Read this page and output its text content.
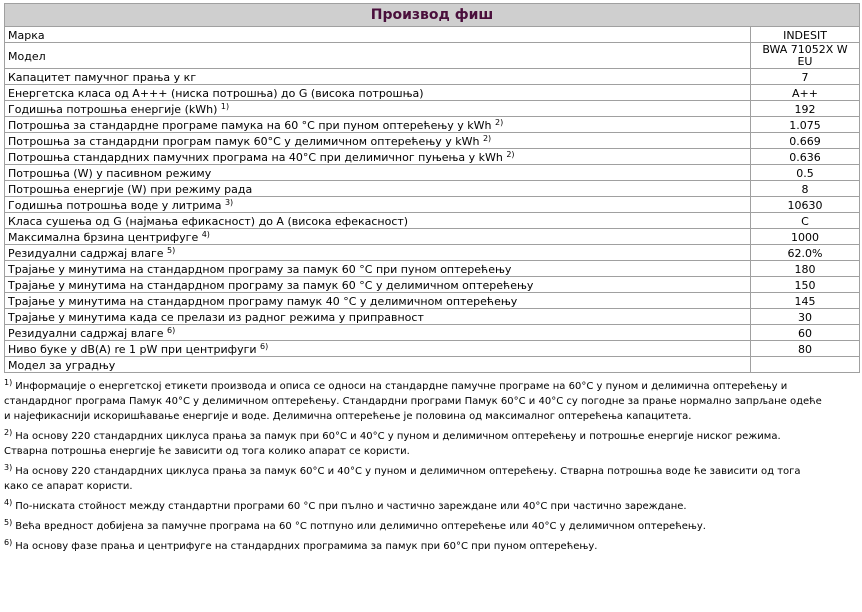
Производ фиш	
Марка	INDESIT
Модел	BWA 71052X W EU
Капацитет памучног прања у кг	7
Енергетска класа од A+++ (ниска потрошња) до G (висока потрошња)	A++
Годишња потрошња енергије (kWh) $^{1)}$	192
Потрошња за стандардне програме памука на 60 °C при пуном оптерећењу у kWh $^{2)}$	1.075
Потрошња за стандардни програм памук 60°C у делимичном оптерећењу у kWh $^{2)}$	0.669
Потрошња стандардних памучних програма на 40°C при делимичног пуњења у kWh $^{2)}$	0.636
Потрошња (W) у пасивном режиму	0.5
Потрошња енергије (W) при режиму рада	8
Годишња потрошња воде у литрима $^{3)}$	10630
Класа сушења од G (најмања ефикасност) до A (висока ефекасност)	C
Максимална брзина центрифуге $^{4)}$	1000
Резидуални садржај влаге $^{5)}$	62.0%
Трајање у минутима на стандардном програму за памук 60 °C при пуном оптерећењу	180
Трајање у минутима на стандардном програму за памук 60 °C у делимичном оптерећењу	150
Трајање у минутима на стандардном програму памук 40 °C у делимичном оптерећењу	145
Трајање у минутима када се прелази из радног режима у приправност	30
Резидуални садржај влаге $^{6)}$	60
Ниво буке у dB(A) re 1 pW при центрифуги $^{6)}$	80
Модел за уградњу	

$^{1)}$ Информације о енергетској етикети производа и описа се односи на стандардне памучне програме на 60°C у пуном и делимична оптерећењу и стандардног програма Памук 40°C у делимичном оптерећењу. Стандардни програми Памук 60°C и 40°C су погодне за прање нормално запрљане одеће и најефикаснији искоришћавање енергије и воде. Делимична оптерећење је половина од максималног оптерећења капацитета.

$^{2)}$ На основу 220 стандардних циклуса прања за памук при 60°C и 40°C у пуном и делимичном оптерећењу и потрошње енергије ниског режима. Стварна потрошња енергије ће зависити од тога колико апарат се користи.

$^{3)}$ На основу 220 стандардних циклуса прања за памук 60°C и 40°C у пуном и делимичном оптерећењу. Стварна потрошња воде ће зависити од тога како се апарат користи.

$^{4)}$ По-ниската стойност между стандартни програми 60 °C при пълно и частично зареждане или 40°C при частично зареждане.

$^{5)}$ Већа вредност добијена за памучне програма на 60 °C потпуно или делимично оптерећење или 40°C у делимичном оптерећењу.

$^{6)}$ На основу фазе прања и центрифуге на стандардних програмима за памук при 60°C при пуном оптерећењу.
